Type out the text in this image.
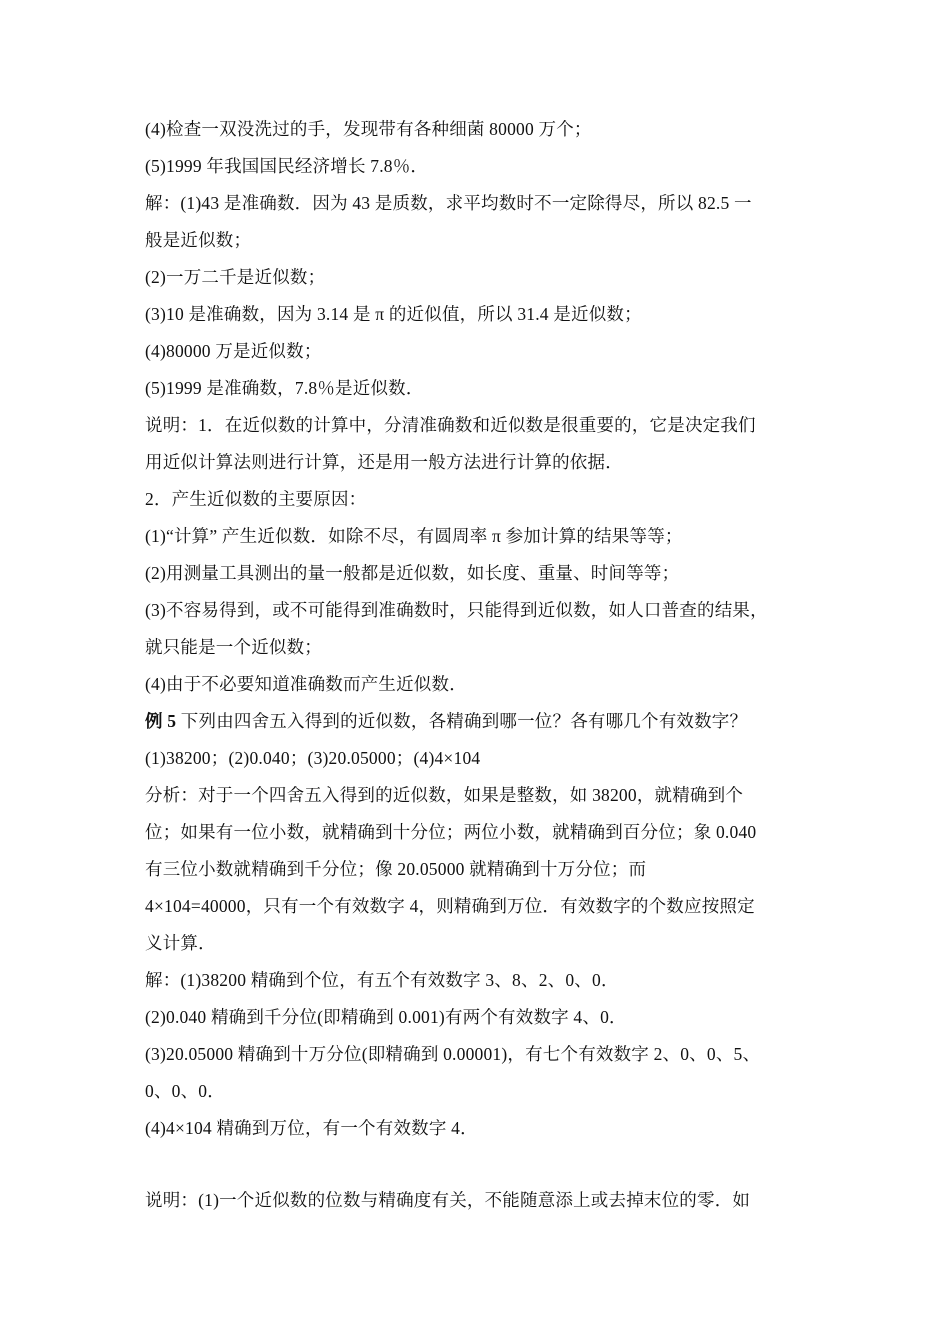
(4)检查一双没洗过的手，发现带有各种细菌 80000 万个；
(5)1999 年我国国民经济增长 7.8％．
解：(1)43 是准确数．因为 43 是质数，求平均数时不一定除得尽，所以 82.5 一
般是近似数；
(2)一万二千是近似数；
(3)10 是准确数，因为 3.14 是 π 的近似值，所以 31.4 是近似数；
(4)80000 万是近似数；
(5)1999 是准确数，7.8％是近似数．
说明：1．在近似数的计算中，分清准确数和近似数是很重要的，它是决定我们
用近似计算法则进行计算，还是用一般方法进行计算的依据．
2．产生近似数的主要原因：
(1)“计算” 产生近似数．如除不尽，有圆周率 π 参加计算的结果等等；
(2)用测量工具测出的量一般都是近似数，如长度、重量、时间等等；
(3)不容易得到，或不可能得到准确数时，只能得到近似数，如人口普查的结果，
就只能是一个近似数；
(4)由于不必要知道准确数而产生近似数．
例 5 下列由四舍五入得到的近似数，各精确到哪一位？各有哪几个有效数字？
(1)38200；(2)0.040；(3)20.05000；(4)4×104
分析：对于一个四舍五入得到的近似数，如果是整数，如 38200，就精确到个
位；如果有一位小数，就精确到十分位；两位小数，就精确到百分位；象 0.040
有三位小数就精确到千分位；像 20.05000 就精确到十万分位；而
4×104=40000，只有一个有效数字 4，则精确到万位．有效数字的个数应按照定
义计算．
解：(1)38200 精确到个位，有五个有效数字 3、8、2、0、0．
(2)0.040 精确到千分位(即精确到 0.001)有两个有效数字 4、0．
(3)20.05000 精确到十万分位(即精确到 0.00001)，有七个有效数字 2、0、0、5、
0、0、0．
(4)4×104 精确到万位，有一个有效数字 4．
说明：(1)一个近似数的位数与精确度有关，不能随意添上或去掉末位的零．如
